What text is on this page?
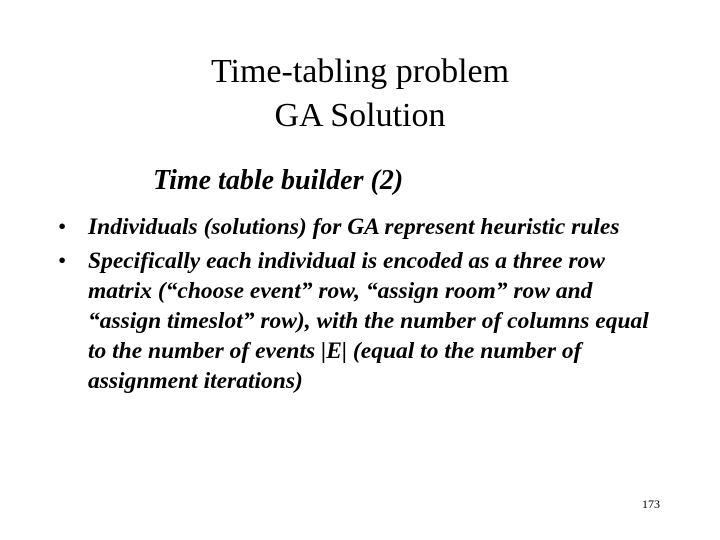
Time-tabling problem
GA Solution
Time table builder (2)
• Individuals (solutions) for GA represent heuristic rules
• Specifically each individual is encoded as a three row matrix (“choose event” row, “assign room” row and “assign timeslot” row), with the number of columns equal to the number of events |E| (equal to the number of assignment iterations)
173
